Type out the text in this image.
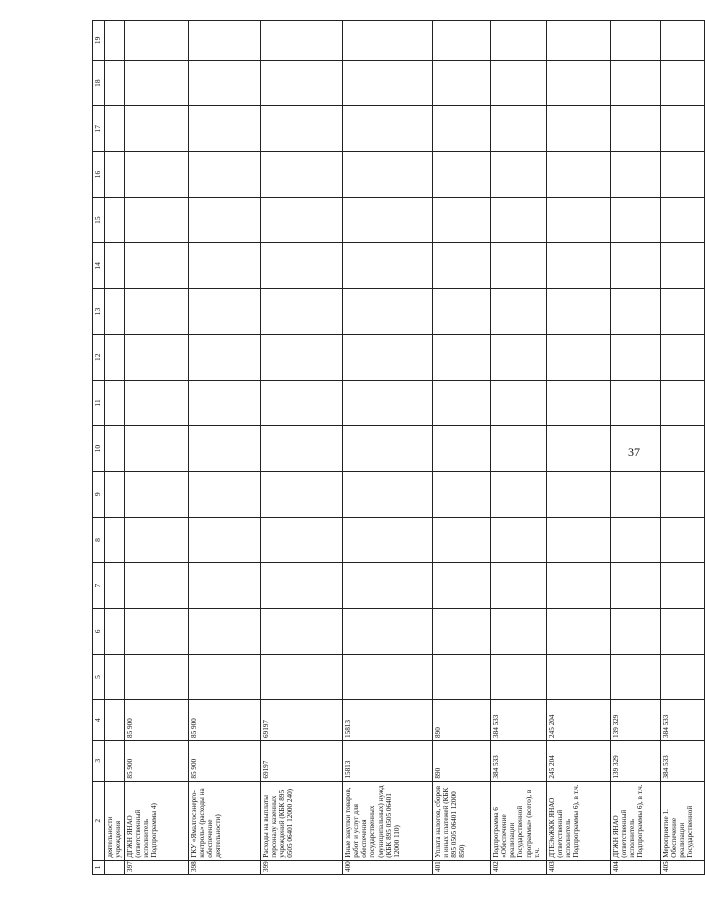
37
1	2	3	4	5	6	7	8	9	10	11	12	13	14	15	16	17	18	19
	деятельности учреждения																	
397	ДГЖН ЯНАО (ответственный исполнитель Подпрограммы 4)	85 900	85 900															
398	ГКУ «Ямалгосэнерго-контроль» (расходы на обеспечение деятельности)	85 900	85 900															
399	Расходы на выплаты персоналу казенных учреждений (КБК 895 0505 06401 12000 240)	69197	69197															
400	Иные закупки товаров, работ и услуг для обеспечения государственных (муниципальных) нужд (КБК 895 0505 06401 12000 110)	15813	15813															
401	Уплата налогов, сборов и иных платежей (КБК 895 0505 06401 12000 850)	890	890															
402	Подпрограмма 6 «Обеспечение реализации Государственной программы» (всего), в т.ч.	384 533	384 533															
403	ДТЕЭиЖКК ЯНАО (ответственный исполнитель Подпрограммы 6), в т.ч.	245 204	245 204															
404	ДГЖН ЯНАО (ответственный исполнитель Подпрограммы 6), в т.ч.	139 329	139 329															
405	Мероприятие 1. Обеспечение реализации Государственной	384 533	384 533															
